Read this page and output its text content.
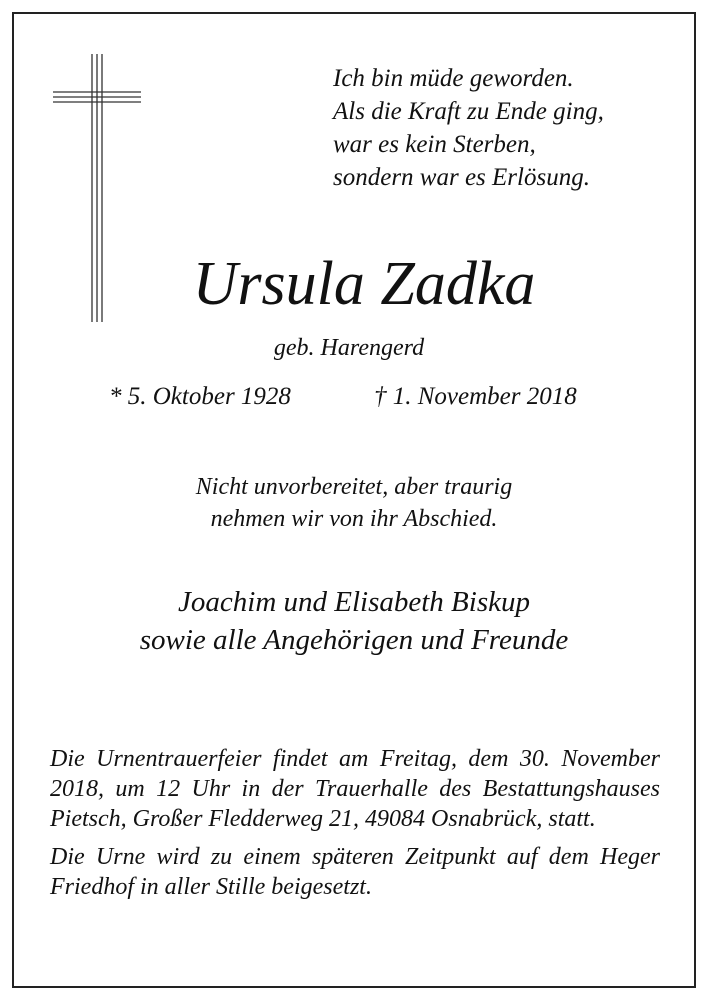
Ich bin müde geworden.
Als die Kraft zu Ende ging,
war es kein Sterben,
sondern war es Erlösung.
Ursula Zadka
geb. Harengerd
* 5. Oktober 1928	† 1. November 2018
Nicht unvorbereitet, aber traurig
nehmen wir von ihr Abschied.
Joachim und Elisabeth Biskup
sowie alle Angehörigen und Freunde

Die Urnentrauerfeier findet am Freitag, dem 30. November 2018, um 12 Uhr in der Trauerhalle des Bestattungshauses Pietsch, Großer Fledderweg 21, 49084 Osnabrück, statt.

Die Urne wird zu einem späteren Zeitpunkt auf dem Heger Friedhof in aller Stille beigesetzt.
